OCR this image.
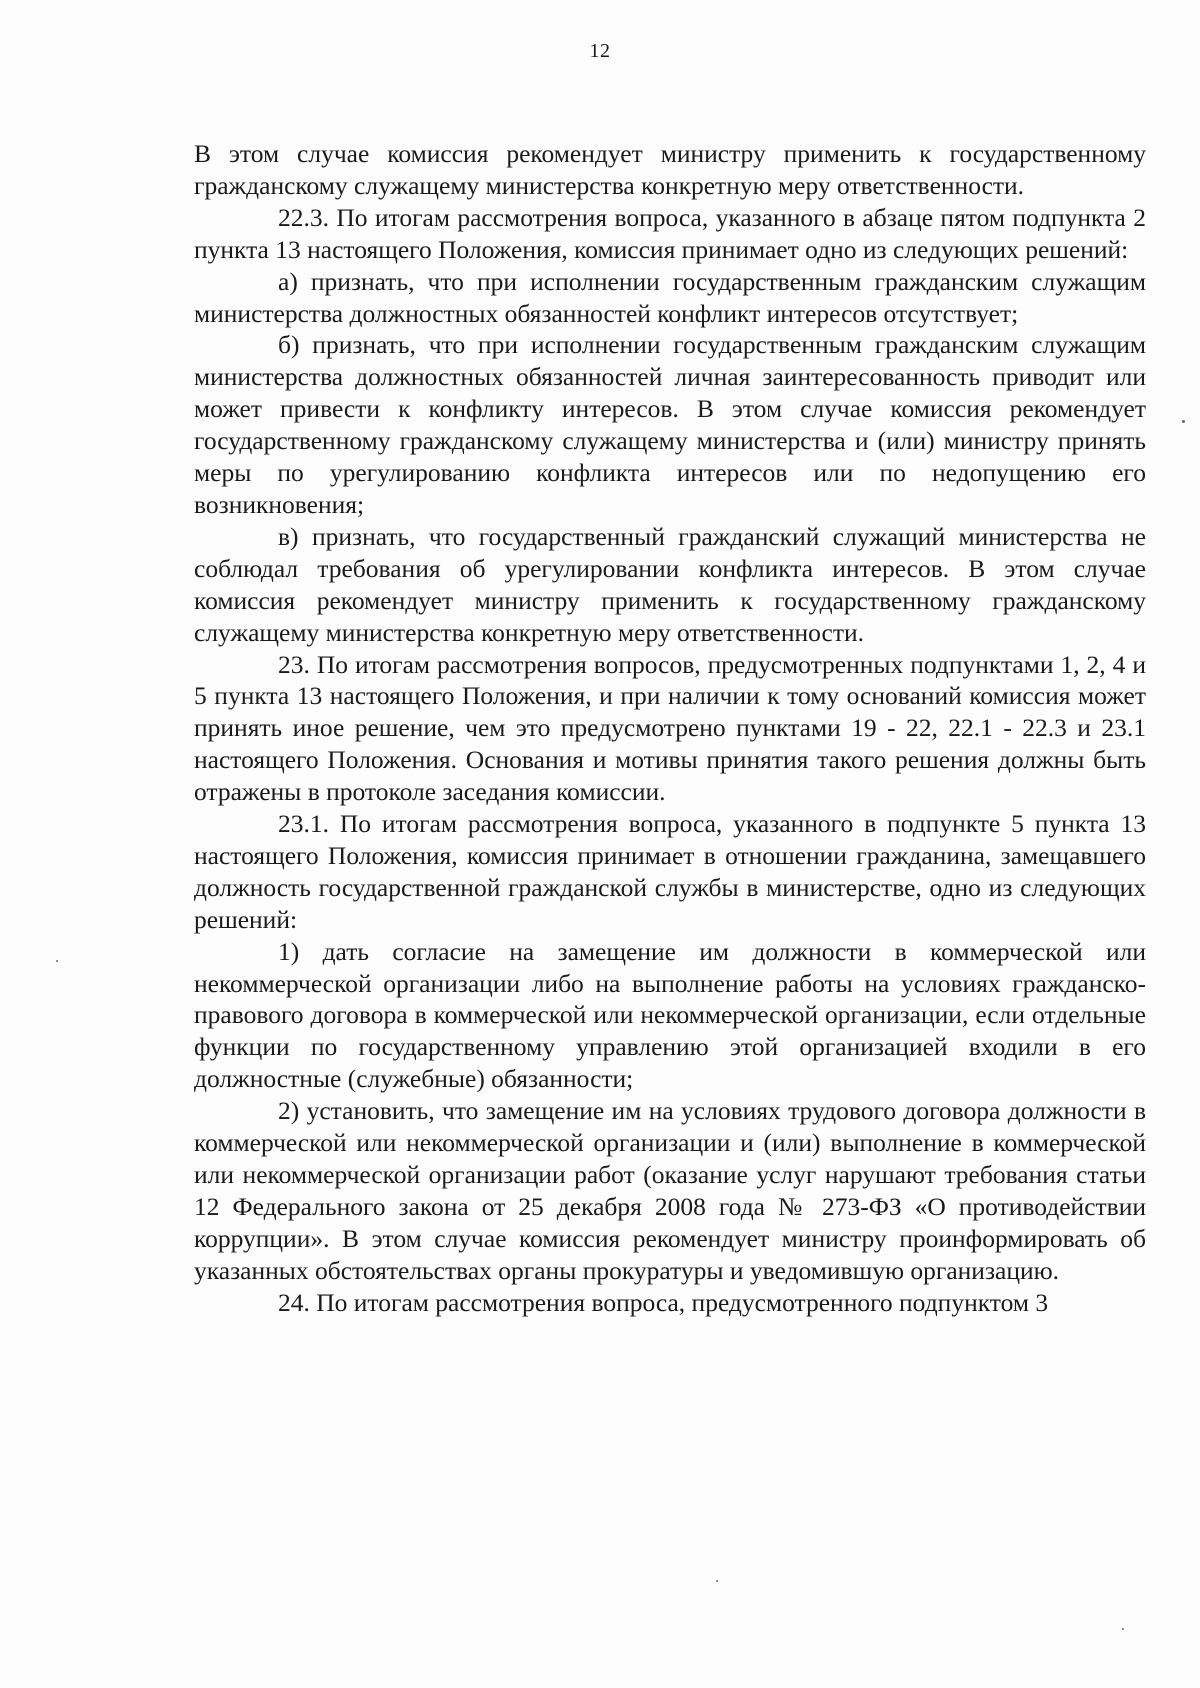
12

В этом случае комиссия рекомендует министру применить к государственному гражданскому служащему министерства конкретную меру ответственности.

22.3. По итогам рассмотрения вопроса, указанного в абзаце пятом подпункта 2 пункта 13 настоящего Положения, комиссия принимает одно из следующих решений:

а) признать, что при исполнении государственным гражданским служащим министерства должностных обязанностей конфликт интересов отсутствует;

б) признать, что при исполнении государственным гражданским служащим министерства должностных обязанностей личная заинтересованность приводит или может привести к конфликту интересов. В этом случае комиссия рекомендует государственному гражданскому служащему министерства и (или) министру принять меры по урегулированию конфликта интересов или по недопущению его возникновения;

в) признать, что государственный гражданский служащий министерства не соблюдал требования об урегулировании конфликта интересов. В этом случае комиссия рекомендует министру применить к государственному гражданскому служащему министерства конкретную меру ответственности.

23. По итогам рассмотрения вопросов, предусмотренных подпунктами 1, 2, 4 и 5 пункта 13 настоящего Положения, и при наличии к тому оснований комиссия может принять иное решение, чем это предусмотрено пунктами 19 - 22, 22.1 - 22.3 и 23.1 настоящего Положения. Основания и мотивы принятия такого решения должны быть отражены в протоколе заседания комиссии.

23.1. По итогам рассмотрения вопроса, указанного в подпункте 5 пункта 13 настоящего Положения, комиссия принимает в отношении гражданина, замещавшего должность государственной гражданской службы в министерстве, одно из следующих решений:

1) дать согласие на замещение им должности в коммерческой или некоммерческой организации либо на выполнение работы на условиях гражданско-правового договора в коммерческой или некоммерческой организации, если отдельные функции по государственному управлению этой организацией входили в его должностные (служебные) обязанности;

2) установить, что замещение им на условиях трудового договора должности в коммерческой или некоммерческой организации и (или) выполнение в коммерческой или некоммерческой организации работ (оказание услуг нарушают требования статьи 12 Федерального закона от 25 декабря 2008 года № 273-ФЗ «О противодействии коррупции». В этом случае комиссия рекомендует министру проинформировать об указанных обстоятельствах органы прокуратуры и уведомившую организацию.

24. По итогам рассмотрения вопроса, предусмотренного подпунктом 3
